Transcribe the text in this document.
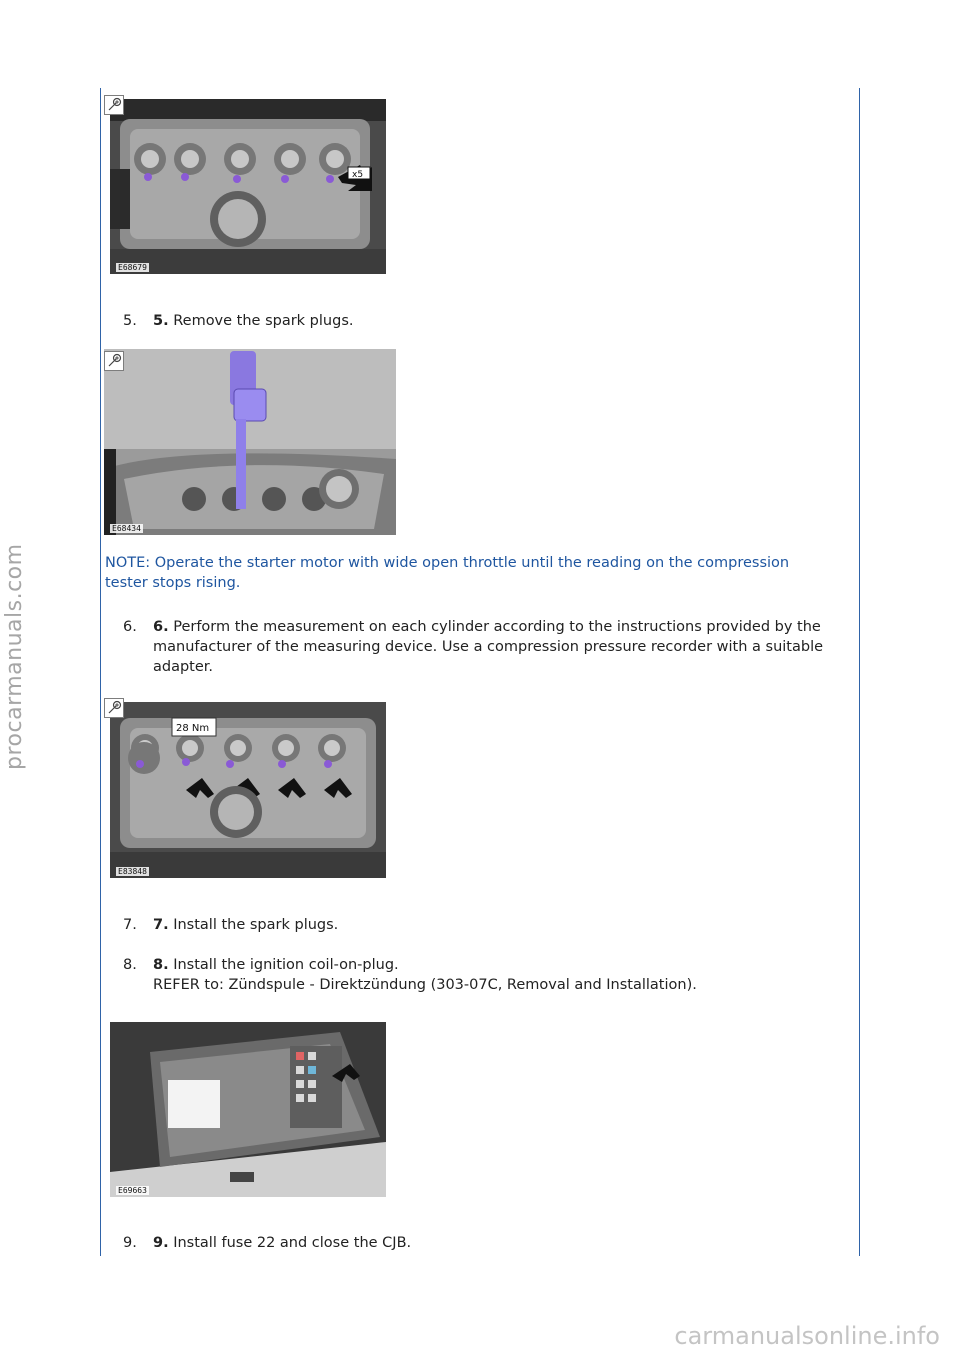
procarmanuals.com
x5
E68679
5. 5. Remove the spark plugs.
E68434
NOTE: Operate the starter motor with wide open throttle until the reading on the compression tester stops rising.
6. 6. Perform the measurement on each cylinder according to the instructions provided by the manufacturer of the measuring device. Use a compression pressure recorder with a suitable adapter.
28 Nm
E83848
7. 7. Install the spark plugs.
8. 8. Install the ignition coil-on-plug.
REFER to: Zündspule - Direktzündung (303-07C, Removal and Installation).
E69663
9. 9. Install fuse 22 and close the CJB.
carmanualsonline.info
